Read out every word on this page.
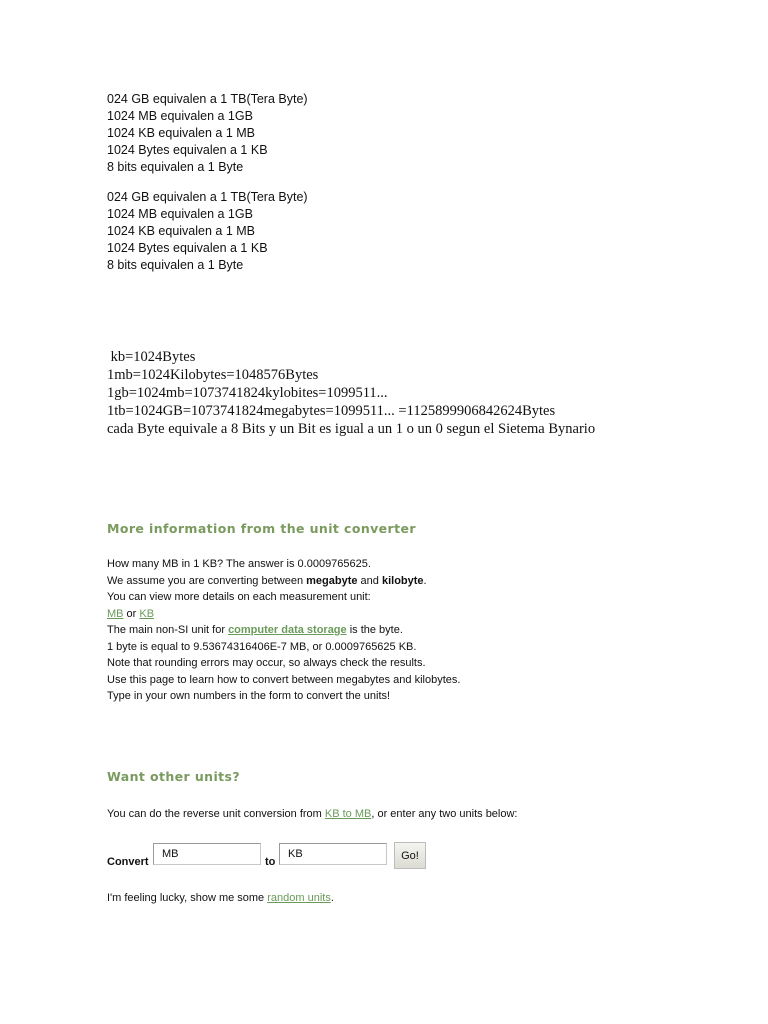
024 GB equivalen a 1 TB(Tera Byte)
1024 MB equivalen a 1GB
1024 KB equivalen a 1 MB
1024 Bytes equivalen a 1 KB
8 bits equivalen a 1 Byte
024 GB equivalen a 1 TB(Tera Byte)
1024 MB equivalen a 1GB
1024 KB equivalen a 1 MB
1024 Bytes equivalen a 1 KB
8 bits equivalen a 1 Byte
kb=1024Bytes
1mb=1024Kilobytes=1048576Bytes
1gb=1024mb=1073741824kylobites=1099511...
1tb=1024GB=1073741824megabytes=1099511... =1125899906842624Bytes
cada Byte equivale a 8 Bits y un Bit es igual a un 1 o un 0 segun el Sietema Bynario
More information from the unit converter
How many MB in 1 KB? The answer is 0.0009765625.
We assume you are converting between megabyte and kilobyte.
You can view more details on each measurement unit:
MB or KB
The main non-SI unit for computer data storage is the byte.
1 byte is equal to 9.53674316406E-7 MB, or 0.0009765625 KB.
Note that rounding errors may occur, so always check the results.
Use this page to learn how to convert between megabytes and kilobytes.
Type in your own numbers in the form to convert the units!
Want other units?
You can do the reverse unit conversion from KB to MB, or enter any two units below:
Convert
MB	to
KB
Go!
I'm feeling lucky, show me some random units.
